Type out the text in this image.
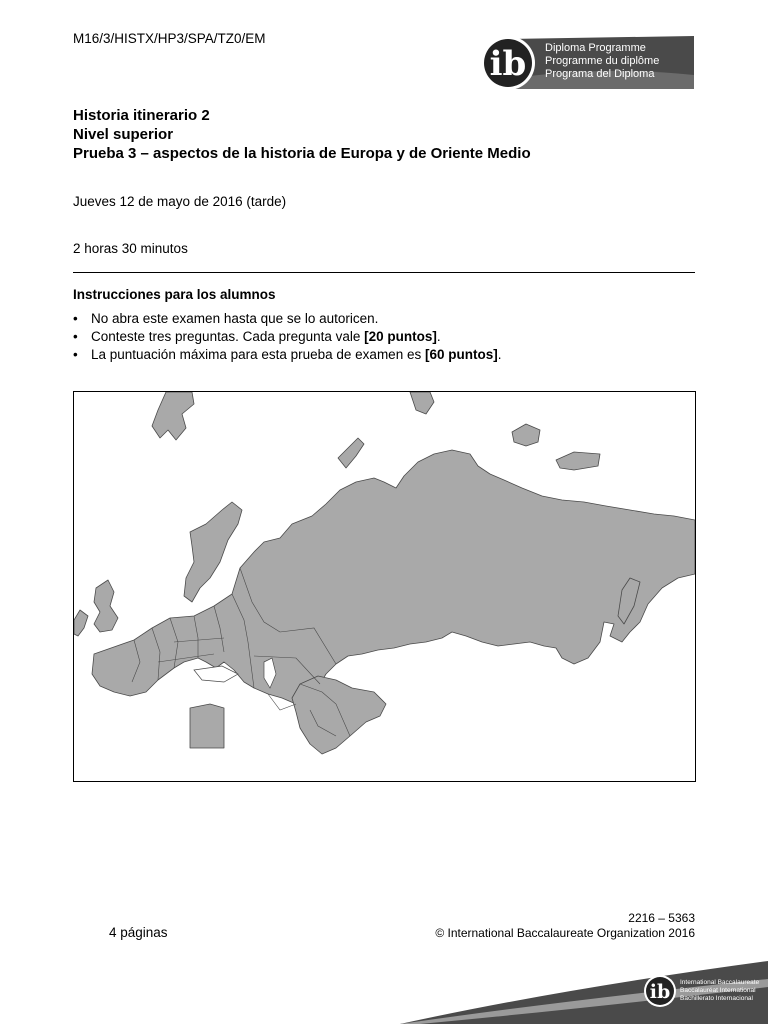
M16/3/HISTX/HP3/SPA/TZ0/EM
ib Diploma Programme
Programme du diplôme
Programa del Diploma
Historia itinerario 2
Nivel superior
Prueba 3 – aspectos de la historia de Europa y de Oriente Medio
Jueves 12 de mayo de 2016 (tarde)
2 horas 30 minutos
Instrucciones para los alumnos
• No abra este examen hasta que se lo autoricen.
• Conteste tres preguntas. Cada pregunta vale [20 puntos].
• La puntuación máxima para esta prueba de examen es [60 puntos].
4 páginas
2216 – 5363
© International Baccalaureate Organization 2016
ib International Baccalaureate
Baccalauréat International
Bachillerato Internacional
